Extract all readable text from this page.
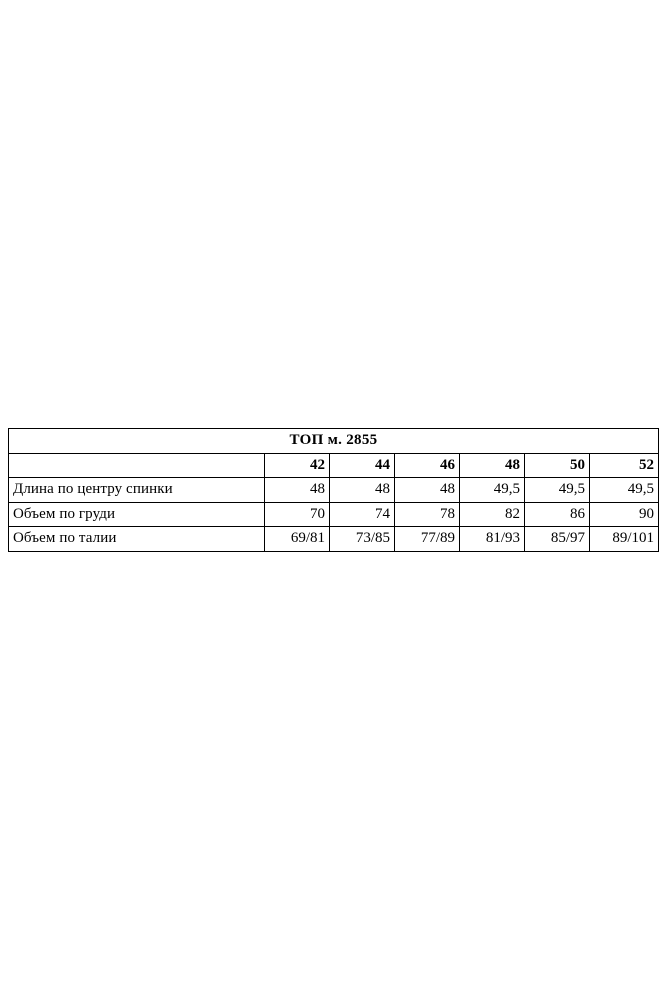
ТОП м. 2855						
	42	44	46	48	50	52
Длина по центру спинки	48	48	48	49,5	49,5	49,5
Объем по груди	70	74	78	82	86	90
Объем по талии	69/81	73/85	77/89	81/93	85/97	89/101
